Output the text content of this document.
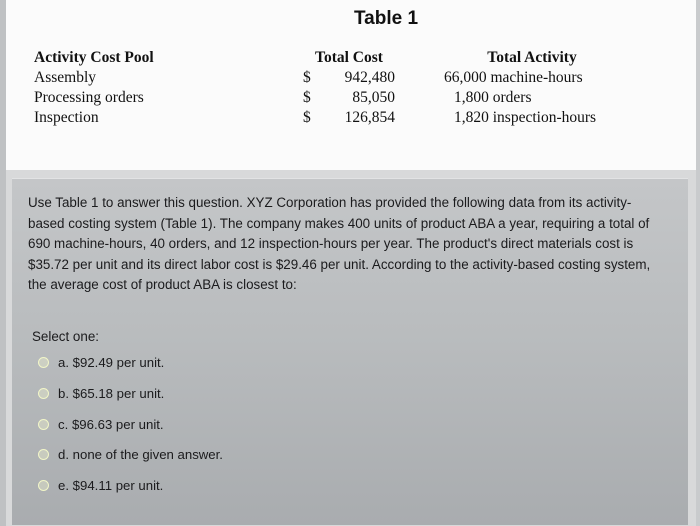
Table 1
Activity Cost Pool
Assembly
Processing orders
Inspection
Total Cost
$ 942,480
$	85,050
$ 126,854
Total Activity
66,000 machine-hours
1,800 orders
1,820 inspection-hours

Use Table 1 to answer this question. XYZ Corporation has provided the following data from its activity-based costing system (Table 1). The company makes 400 units of product ABA a year, requiring a total of 690 machine-hours, 40 orders, and 12 inspection-hours per year. The product's direct materials cost is $35.72 per unit and its direct labor cost is $29.46 per unit. According to the activity-based costing system, the average cost of product ABA is closest to:

Select one:
a.
$92.49 per unit.
b.
$65.18 per unit.
c.
$96.63 per unit.
d.
none of the given answer.
e.
$94.11 per unit.
